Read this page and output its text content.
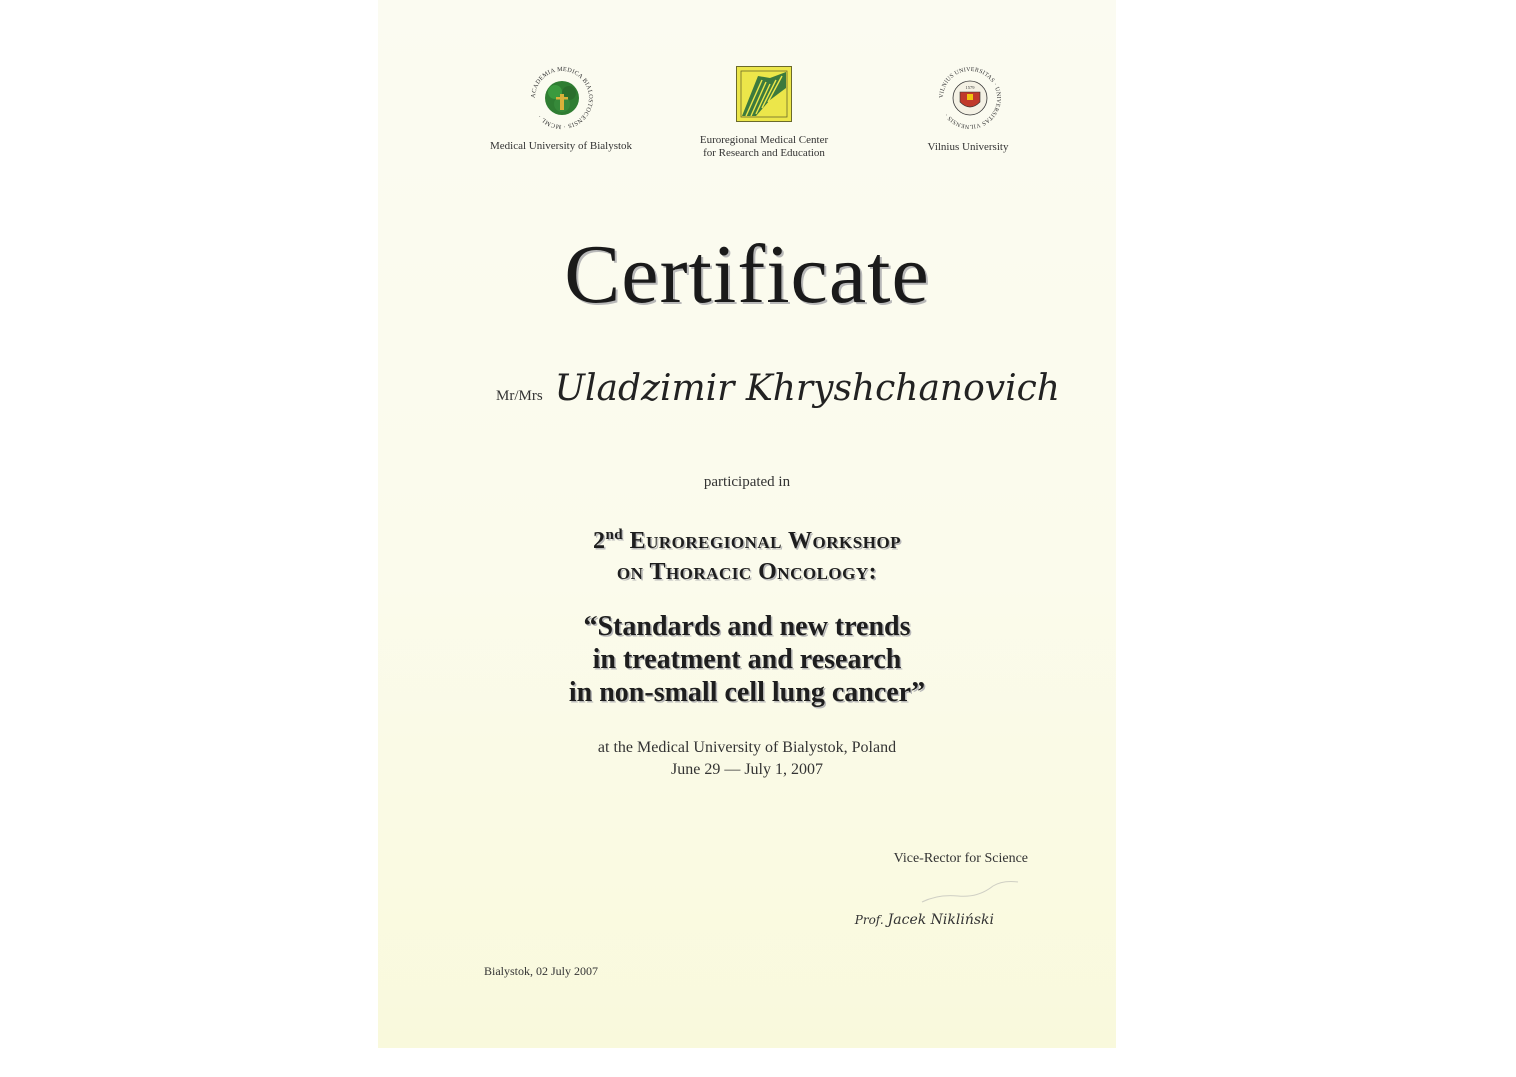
ACADEMIA MEDICA BIALOSTOCENSIS · MCML ·
Medical University of Bialystok	Euroregional Medical Center
for Research and Education
VILNIUS UNIVERSITAS · UNIVERSITAS VILNENSIS ·
1579
Vilnius University
Certificate
Mr/Mrs Uladzimir Khryshchanovich
participated in
2nd Euroregional Workshop
on Thoracic Oncology:
“Standards and new trends
in treatment and research
in non-small cell lung cancer”
at the Medical University of Bialystok, Poland
June 29 — July 1, 2007
Vice-Rector for Science
Prof. Jacek Nikliński
Bialystok, 02 July 2007
